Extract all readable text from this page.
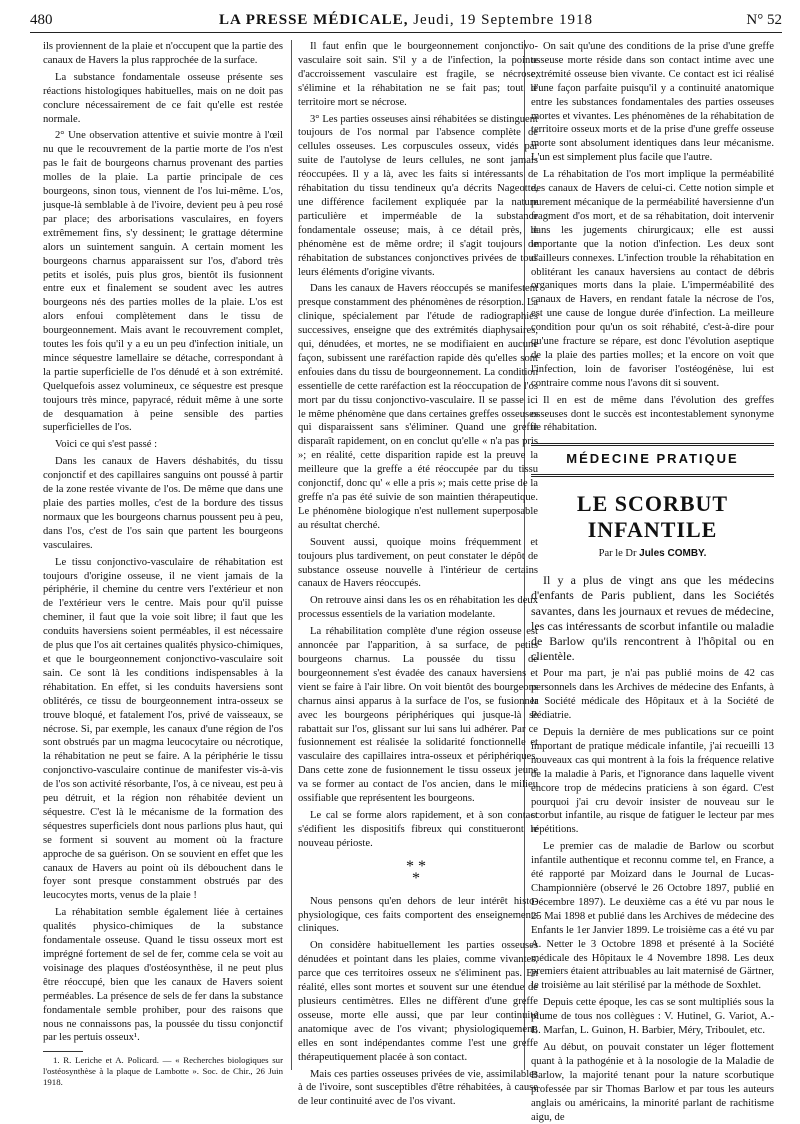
480	LA PRESSE MÉDICALE, Jeudi, 19 Septembre 1918	N° 52

ils proviennent de la plaie et n'occupent que la partie des canaux de Havers la plus rapprochée de la surface.

La substance fondamentale osseuse présente ses réactions histologiques habituelles, mais on ne doit pas conclure nécessairement de ce fait qu'elle est restée normale.

2° Une observation attentive et suivie montre à l'œil nu que le recouvrement de la partie morte de l'os n'est pas le fait de bourgeons charnus provenant des parties molles de la plaie. La partie principale de ces bourgeons, sinon tous, viennent de l'os lui-même. L'os, jusque-là semblable à de l'ivoire, devient peu à peu rosé par place; des arborisations vasculaires, en foyers extrêmement fins, s'y dessinent; le grattage détermine alors un suintement sanguin. A certain moment les bourgeons charnus apparaissent sur l'os, d'abord très petits et isolés, puis plus gros, bientôt ils fusionnent entre eux et finalement se soudent avec les autres bourgeons nés des parties molles de la plaie. L'os est alors enfoui complètement dans le tissu de bourgeonnement. Mais avant le recouvrement complet, toutes les fois qu'il y a eu un peu d'infection initiale, un mince séquestre lamellaire se détache, correspondant à la partie superficielle de l'os dénudé et à son extrémité. Quelquefois assez volumineux, ce séquestre est presque toujours très mince, papyracé, réduit même à une sorte de desquamation à peine sensible des parties superficielles de l'os.

Voici ce qui s'est passé :

Dans les canaux de Havers déshabités, du tissu conjonctif et des capillaires sanguins ont poussé à partir de la zone restée vivante de l'os. De même que dans une plaie des parties molles, c'est de la bordure des tissus normaux que les bourgeons charnus poussent peu à peu, dans l'os, c'est de l'os sain que partent les bourgeons vasculaires.

Le tissu conjonctivo-vasculaire de réhabitation est toujours d'origine osseuse, il ne vient jamais de la périphérie, il chemine du centre vers l'extérieur et non de l'extérieur vers le centre. Mais pour qu'il puisse cheminer, il faut que la voie soit libre; il faut que les conduits haversiens soient perméables, il est nécessaire de plus que l'os ait certaines qualités physico-chimiques, et que le bourgeonnement conjonctivo-vasculaire soit sain. Ce sont là les conditions indispensables à la réhabitation. En effet, si les conduits haversiens sont oblitérés, ce tissu de bourgeonnement intra-osseux se trouve bloqué, et fatalement l'os, privé de vaisseaux, se nécrose. Si, par exemple, les canaux d'une région de l'os sont obstrués par un magma leucocytaire ou nécrotique, la réhabitation ne peut se faire. A la périphérie le tissu conjonctivo-vasculaire continue de manifester vis-à-vis de l'os son activité résorbante, l'os, à ce niveau, est peu à peu détruit, et la région non réhabitée devient un séquestre. C'est là le mécanisme de la formation des séquestres superficiels dont nous parlions plus haut, qui se forment si souvent au moment où la fracture approche de sa guérison. On se souvient en effet que les canaux de Havers au point où ils débouchent dans le foyer sont presque constamment obstrués par des leucocytes morts, venus de la plaie !

La réhabitation semble également liée à certaines qualités physico-chimiques de la substance fondamentale osseuse. Quand le tissu osseux mort est imprégné fortement de sel de fer, comme cela se voit au voisinage des plaques d'ostéosynthèse, il ne peut plus être réoccupé, bien que les canaux de Havers soient perméables. La présence de sels de fer dans la substance fondamentale semble prohiber, pour des raisons que nous ne connaissons pas, la poussée du tissu conjonctif par les pertuis osseux¹.

1. R. Leriche et A. Policard. — « Recherches biologiques sur l'ostéosynthèse à la plaque de Lambotte ». Soc. de Chir., 26 Juin 1918.

Il faut enfin que le bourgeonnement conjonctivo-vasculaire soit sain. S'il y a de l'infection, la pointe d'accroissement vasculaire est fragile, se nécrose, s'élimine et la réhabitation ne se fait pas; tout le territoire mort se nécrose.

3° Les parties osseuses ainsi réhabitées se distinguent toujours de l'os normal par l'absence complète de cellules osseuses. Les corpuscules osseux, vidés par suite de l'autolyse de leurs cellules, ne sont jamais réoccupées. Il y a là, avec les faits si intéressants de réhabitation du tissu tendineux qu'a décrits Nageotte, une différence facilement expliquée par la nature particulière et imperméable de la substance fondamentale osseuse; mais, à ce détail près, le phénomène est de même ordre; il s'agit toujours de réhabitation de substances conjonctives privées de tous leurs éléments d'origine vivants.

Dans les canaux de Havers réoccupés se manifestent presque constamment des phénomènes de résorption. La clinique, spécialement par l'étude de radiographies successives, enseigne que des extrémités diaphysaires, qui, dénudées, et mortes, ne se modifiaient en aucune façon, subissent une raréfaction rapide dès qu'elles sont enfouies dans du tissu de bourgeonnement. La condition essentielle de cette raréfaction est la réoccupation de l'os mort par du tissu conjonctivo-vasculaire. Il se passe ici le même phénomène que dans certaines greffes osseuses qui disparaissent sans s'éliminer. Quand une greffe disparaît rapidement, on en conclut qu'elle « n'a pas pris »; en réalité, cette disparition rapide est la preuve la meilleure que la greffe a été réoccupée par du tissu conjonctif, donc qu' « elle a pris »; mais cette prise de la greffe n'a pas été suivie de son maintien thérapeutique. Le phénomène biologique n'est nullement superposable au résultat cherché.

Souvent aussi, quoique moins fréquemment et toujours plus tardivement, on peut constater le dépôt de substance osseuse nouvelle à l'intérieur de certains canaux de Havers réoccupés.

On retrouve ainsi dans les os en réhabitation les deux processus essentiels de la variation modelante.

La réhabilitation complète d'une région osseuse est annoncée par l'apparition, à sa surface, de petits bourgeons charnus. La poussée du tissu de bourgeonnement s'est évadée des canaux haversiens et vient se faire à l'air libre. On voit bientôt des bourgeons charnus ainsi apparus à la surface de l'os, se fusionner avec les bourgeons périphériques qui jusque-là se rabattait sur l'os, glissant sur lui sans lui adhérer. Par ce fusionnement est réalisée la solidarité fonctionnelle et vasculaire des capillaires intra-osseux et périphériques. Dans cette zone de fusionnement le tissu osseux jeune va se former au contact de l'os ancien, dans le milieu ossifiable que représentent les bourgeons.

Le cal se forme alors rapidement, et à son contact s'édifient les dispositifs fibreux qui constitueront le nouveau périoste.

**
*

Nous pensons qu'en dehors de leur intérêt histo-physiologique, ces faits comportent des enseignements cliniques.

On considère habituellement les parties osseuses dénudées et pointant dans les plaies, comme vivantes, parce que ces territoires osseux ne s'éliminent pas. En réalité, elles sont mortes et souvent sur une étendue de plusieurs centimètres. Elles ne diffèrent d'une greffe osseuse, morte elle aussi, que par leur continuité anatomique avec de l'os vivant; physiologiquement, elles en sont indépendantes comme l'est une greffe thérapeutiquement placée à son contact.

Mais ces parties osseuses privées de vie, assimilables à de l'ivoire, sont susceptibles d'être réhabitées, à cause de leur continuité avec de l'os vivant.

On sait qu'une des conditions de la prise d'une greffe osseuse morte réside dans son contact intime avec une extrémité osseuse bien vivante. Ce contact est ici réalisé d'une façon parfaite puisqu'il y a continuité anatomique entre les substances fondamentales des parties osseuses mortes et vivantes. Les phénomènes de la réhabitation de territoire osseux morts et de la prise d'une greffe osseuse morte sont absolument identiques dans leur mécanisme. L'un est simplement plus facile que l'autre.

La réhabitation de l'os mort implique la perméabilité des canaux de Havers de celui-ci. Cette notion simple et purement mécanique de la perméabilité haversienne d'un fragment d'os mort, et de sa réhabitation, doit intervenir dans les jugements chirurgicaux; elle est aussi importante que la notion d'infection. Les deux sont d'ailleurs connexes. L'infection trouble la réhabitation en oblitérant les canaux haversiens au contact de débris organiques morts dans la plaie. L'imperméabilité des canaux de Havers, en rendant fatale la nécrose de l'os, est une cause de longue durée d'infection. La meilleure condition pour qu'un os soit réhabité, c'est-à-dire pour qu'une fracture se répare, est donc l'évolution aseptique de la plaie des parties molles; et la encore on voit que l'infection, loin de favoriser l'ostéogénèse, lui est contraire comme nous l'avons dit si souvent.

Il en est de même dans l'évolution des greffes osseuses dont le succès est incontestablement synonyme de réhabitation.

MÉDECINE PRATIQUE
LE SCORBUT INFANTILE
Par le Dr Jules COMBY.

Il y a plus de vingt ans que les médecins d'enfants de Paris publient, dans les Sociétés savantes, dans les journaux et revues de médecine, les cas intéressants de scorbut infantile ou maladie de Barlow qu'ils rencontrent à l'hôpital ou en clientèle.

Pour ma part, je n'ai pas publié moins de 42 cas personnels dans les Archives de médecine des Enfants, à la Société médicale des Hôpitaux et à la Société de Pédiatrie.

Depuis la dernière de mes publications sur ce point important de pratique médicale infantile, j'ai recueilli 13 nouveaux cas qui montrent à la fois la fréquence relative de la maladie à Paris, et l'ignorance dans laquelle vivent encore trop de médecins praticiens à son égard. C'est pourquoi j'ai cru devoir insister de nouveau sur le scorbut infantile, au risque de fatiguer le lecteur par mes répétitions.

Le premier cas de maladie de Barlow ou scorbut infantile authentique et reconnu comme tel, en France, a été rapporté par Moizard dans le Journal de Lucas-Championnière (observé le 26 Octobre 1897, publié en Décembre 1897). Le deuxième cas a été vu par nous le 25 Mai 1898 et publié dans les Archives de médecine des Enfants le 1er Janvier 1899. Le troisième cas a été vu par A. Netter le 3 Octobre 1898 et présenté à la Société médicale des Hôpitaux le 4 Novembre 1898. Les deux premiers étaient attribuables au lait maternisé de Gärtner, le troisième au lait stérilisé par la méthode de Soxhlet.

Depuis cette époque, les cas se sont multipliés sous la plume de tous nos collègues : V. Hutinel, G. Variot, A.-B. Marfan, L. Guinon, H. Barbier, Méry, Triboulet, etc.

Au début, on pouvait constater un léger flottement quant à la pathogénie et à la nosologie de la Maladie de Barlow, la majorité tenant pour la nature scorbutique professée par sir Thomas Barlow et par tous les auteurs anglais ou américains, la minorité parlant de rachitisme aigu, de
